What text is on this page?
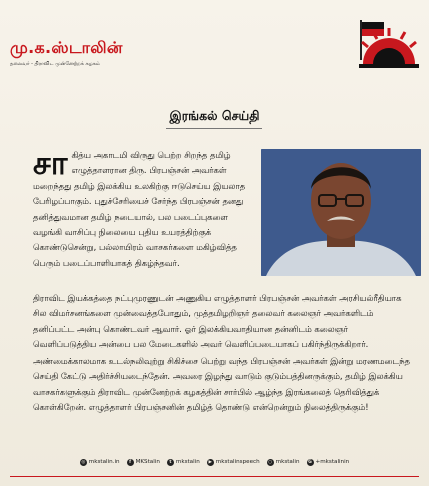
மு.க.ஸ்டாலின்
தலைவர் - திராவிட முன்னேற்றக் கழகம்
இரங்கல் செய்தி
சா கித்ய அகாடமி விருது பெற்ற சிறந்த தமிழ் எழுத்தாளரான திரு. பிரபஞ்சன் அவர்கள் மறைந்தது தமிழ் இலக்கிய உலகிற்கு ஈடுசெய்ய இயலாத பேரிழப்பாகும். புதுச்சேரியைச் சேர்ந்த பிரபஞ்சன் தனது தனித்துவமான தமிழ் நடையால், பல படைப்புகளை வழங்கி வாசிப்பு நிலையை புதிய உயரத்திற்குக் கொண்டுசென்று, பல்லாயிரம் வாசகர்களை மகிழ்வித்த பெரும் படைப்பாளியாகத் திகழ்ந்தவர்.
திராவிட இயக்கத்தை நட்புமுரணுடன் அணுகிய எழுத்தாளர் பிரபஞ்சன் அவர்கள் அரசியல்ரீதியாக சில விமர்சனங்களை முன்வைத்தபோதும், முத்தமிழறிஞர் தலைவர் கலைஞர் அவர்களிடம் தனிப்பட்ட அன்பு கொண்டவர் ஆவார். ஓர் இலக்கியவாதியான தன்னிடம் கலைஞர் வெளிப்படுத்திய அன்பை பல மேடைகளில் அவர் வெளிப்படையாகப் பகிர்ந்திருக்கிறார்.
அண்மைக்காலமாக உடல்நலிவுற்று சிகிச்சை பெற்று வந்த பிரபஞ்சன் அவர்கள் இன்று மரணமடைந்த செய்தி கேட்டு அதிர்ச்சியடைந்தேன். அவரை இழந்து வாடும் குடும்பத்தினருக்கும், தமிழ் இலக்கிய வாசகர்களுக்கும் திராவிட முன்னேற்றக் கழகத்தின் சார்பில் ஆழ்ந்த இரங்கலைத் தெரிவித்துக் கொள்கிறேன். எழுத்தாளர் பிரபஞ்சனின் தமிழ்த் தொண்டு என்றென்றும் நிலைத்திருக்கும்!
◎ mkstalin.in	f MKStalin	t mkstalin	▶ mkstalinspeech	○ mkstalin	G +mkstalinin
